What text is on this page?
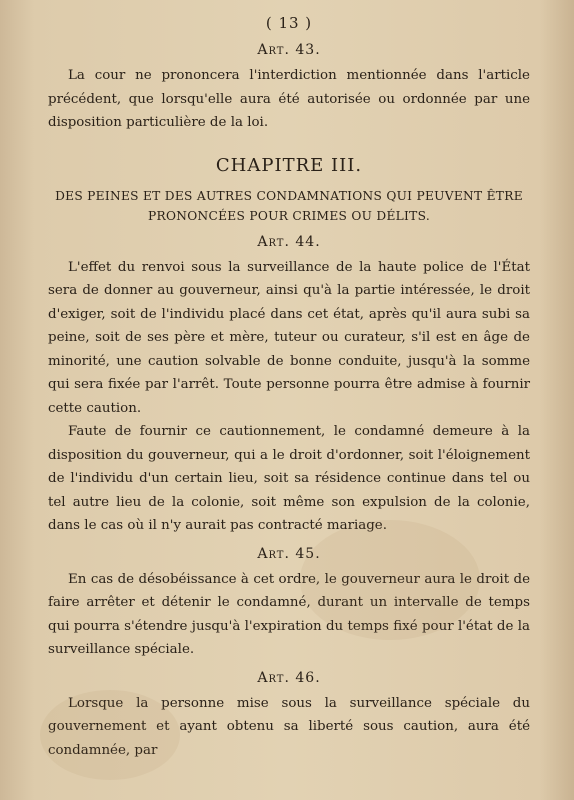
( 13 )
Art. 43.

La cour ne prononcera l'interdiction mentionnée dans l'article précédent, que lorsqu'elle aura été autorisée ou ordonnée par une disposition particulière de la loi.

CHAPITRE III.
DES PEINES ET DES AUTRES CONDAMNATIONS QUI PEUVENT ÊTRE PRONONCÉES POUR CRIMES OU DÉLITS.
Art. 44.

L'effet du renvoi sous la surveillance de la haute police de l'État sera de donner au gouverneur, ainsi qu'à la partie intéressée, le droit d'exiger, soit de l'individu placé dans cet état, après qu'il aura subi sa peine, soit de ses père et mère, tuteur ou curateur, s'il est en âge de minorité, une caution solvable de bonne conduite, jusqu'à la somme qui sera fixée par l'arrêt. Toute personne pourra être admise à fournir cette caution.

Faute de fournir ce cautionnement, le condamné demeure à la disposition du gouverneur, qui a le droit d'ordonner, soit l'éloignement de l'individu d'un certain lieu, soit sa résidence continue dans tel ou tel autre lieu de la colonie, soit même son expulsion de la colonie, dans le cas où il n'y aurait pas contracté mariage.

Art. 45.

En cas de désobéissance à cet ordre, le gouverneur aura le droit de faire arrêter et détenir le condamné, durant un intervalle de temps qui pourra s'étendre jusqu'à l'expiration du temps fixé pour l'état de la surveillance spéciale.

Art. 46.

Lorsque la personne mise sous la surveillance spéciale du gouvernement et ayant obtenu sa liberté sous caution, aura été condamnée, par
